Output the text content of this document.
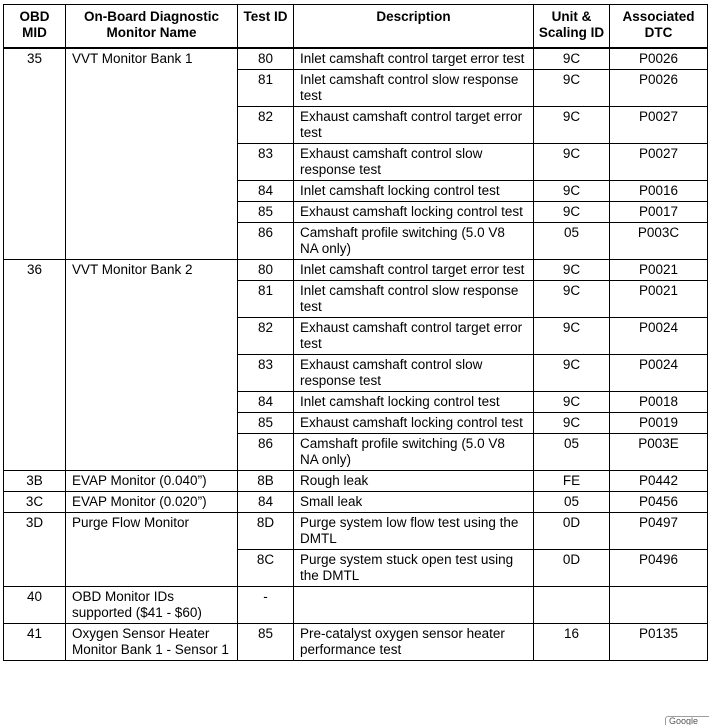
OBD MID	On-Board Diagnostic Monitor Name	Test ID	Description	Unit & Scaling ID	Associated DTC
35	VVT Monitor Bank 1	80	Inlet camshaft control target error test	9C	P0026
		81	Inlet camshaft control slow response test	9C	P0026
		82	Exhaust camshaft control target error test	9C	P0027
		83	Exhaust camshaft control slow response test	9C	P0027
		84	Inlet camshaft locking control test	9C	P0016
		85	Exhaust camshaft locking control test	9C	P0017
		86	Camshaft profile switching (5.0 V8 NA only)	05	P003C
36	VVT Monitor Bank 2	80	Inlet camshaft control target error test	9C	P0021
		81	Inlet camshaft control slow response test	9C	P0021
		82	Exhaust camshaft control target error test	9C	P0024
		83	Exhaust camshaft control slow response test	9C	P0024
		84	Inlet camshaft locking control test	9C	P0018
		85	Exhaust camshaft locking control test	9C	P0019
		86	Camshaft profile switching (5.0 V8 NA only)	05	P003E
3B	EVAP Monitor (0.040”)	8B	Rough leak	FE	P0442
3C	EVAP Monitor (0.020”)	84	Small leak	05	P0456
3D	Purge Flow Monitor	8D	Purge system low flow test using the DMTL	0D	P0497
		8C	Purge system stuck open test using the DMTL	0D	P0496
40	OBD Monitor IDs supported ($41 - $60)	-			
41	Oxygen Sensor Heater Monitor Bank 1 - Sensor 1	85	Pre-catalyst oxygen sensor heater performance test	16	P0135
Google
